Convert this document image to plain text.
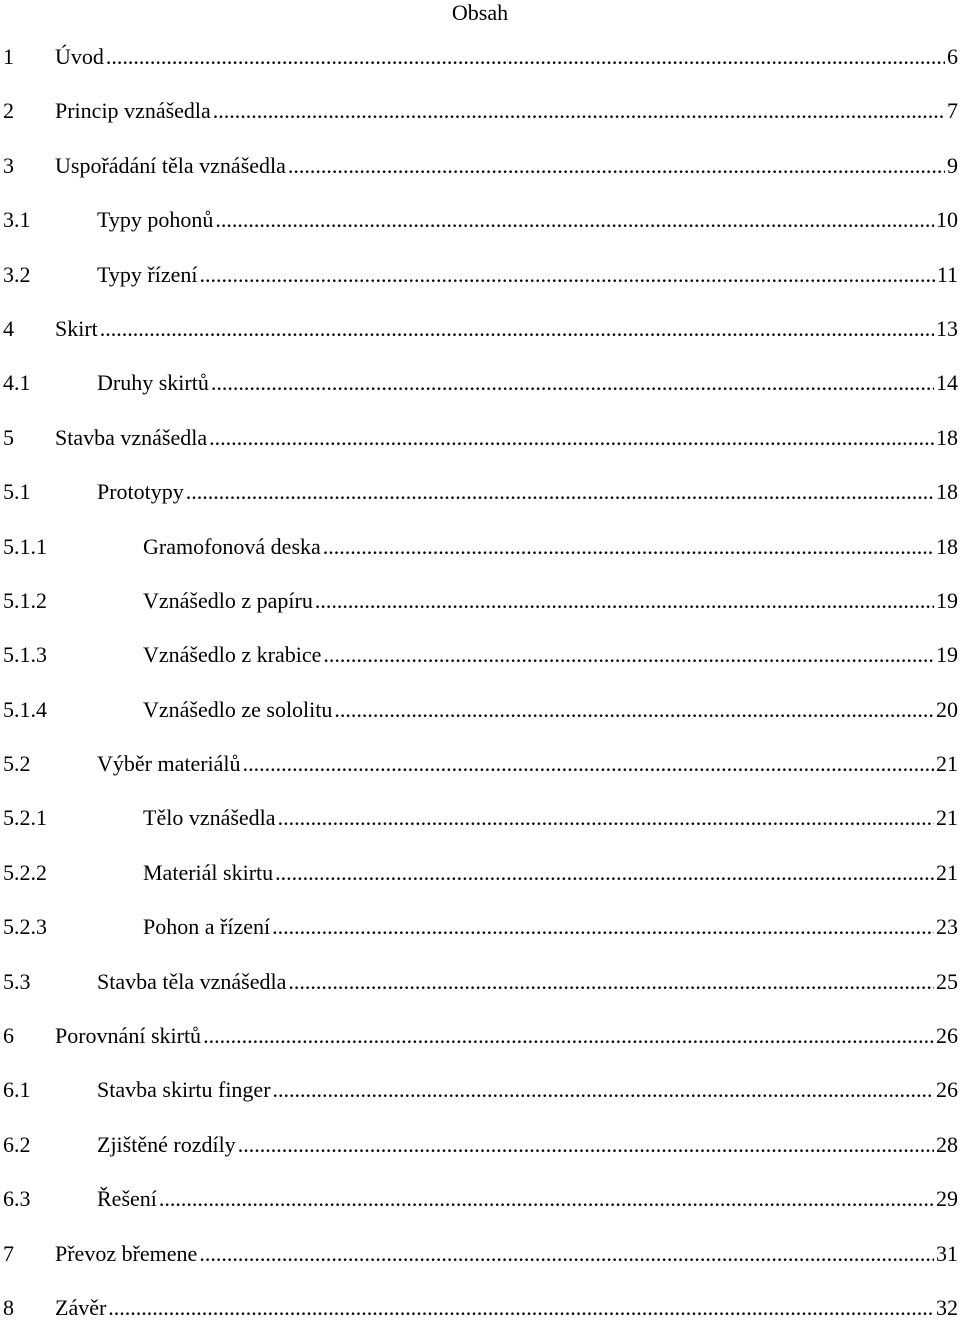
Obsah
1 Úvod .....	6
2 Princip vznášedla .....	7
3 Uspořádání těla vznášedla .....	9
3.1	Typy pohonů .....	10
3.2	Typy řízení .....	11
4 Skirt .....	13
4.1	Druhy skirtů .....	14
5 Stavba vznášedla .....	18
5.1	Prototypy .....	18
5.1.1	Gramofonová deska .....	18
5.1.2	Vznášedlo z papíru .....	19
5.1.3	Vznášedlo z krabice .....	19
5.1.4	Vznášedlo ze sololitu .....	20
5.2	Výběr materiálů .....	21
5.2.1	Tělo vznášedla .....	21
5.2.2	Materiál skirtu .....	21
5.2.3	Pohon a řízení .....	23
5.3	Stavba těla vznášedla .....	25
6 Porovnání skirtů .....	26
6.1	Stavba skirtu finger .....	26
6.2	Zjištěné rozdíly .....	28
6.3	Řešení .....	29
7 Převoz břemene .....	31
8 Závěr .....	32
